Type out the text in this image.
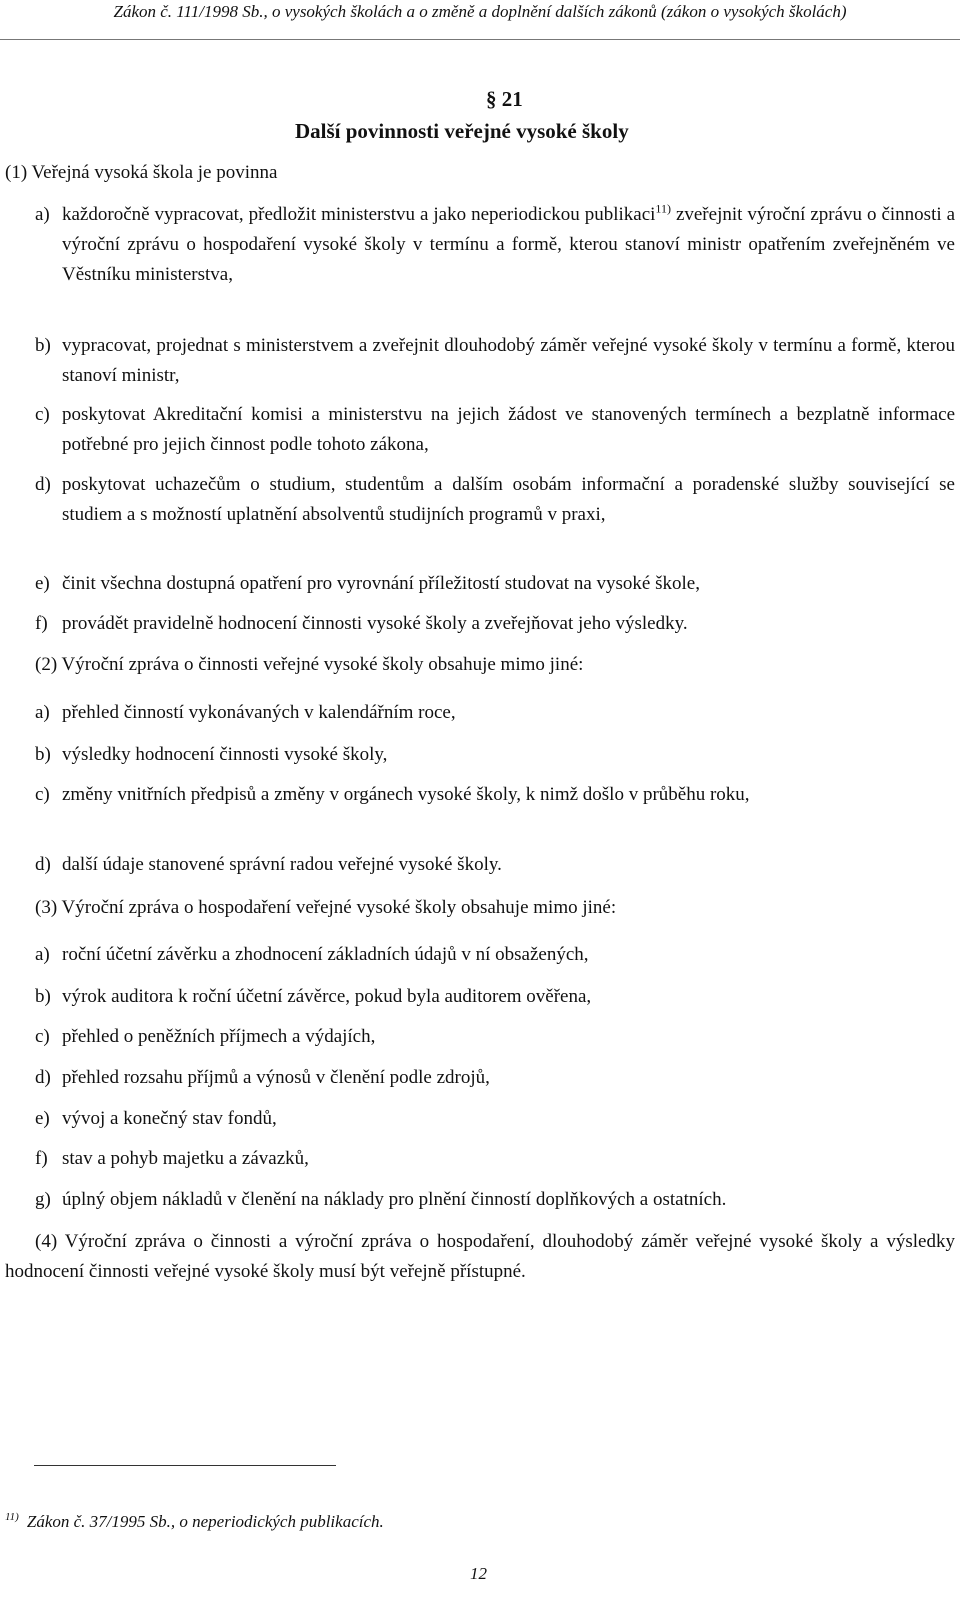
Zákon č. 111/1998 Sb., o vysokých školách a o změně a doplnění dalších zákonů (zákon o vysokých školách)
§ 21
Další povinnosti veřejné vysoké školy
(1) Veřejná vysoká škola je povinna
a) každoročně vypracovat, předložit ministerstvu a jako neperiodickou publikaci$^{11)}$ zveřejnit výroční zprávu o činnosti a výroční zprávu o hospodaření vysoké školy v termínu a formě, kterou stanoví ministr opatřením zveřejněném ve Věstníku ministerstva,
b) vypracovat, projednat s ministerstvem a zveřejnit dlouhodobý záměr veřejné vysoké školy v termínu a formě, kterou stanoví ministr,
c) poskytovat Akreditační komisi a ministerstvu na jejich žádost ve stanovených termínech a bezplatně informace potřebné pro jejich činnost podle tohoto zákona,
d) poskytovat uchazečům o studium, studentům a dalším osobám informační a poradenské služby související se studiem a s možností uplatnění absolventů studijních programů v praxi,
e) činit všechna dostupná opatření pro vyrovnání příležitostí studovat na vysoké škole,
f) provádět pravidelně hodnocení činnosti vysoké školy a zveřejňovat jeho výsledky.
(2) Výroční zpráva o činnosti veřejné vysoké školy obsahuje mimo jiné:
a) přehled činností vykonávaných v kalendářním roce,
b) výsledky hodnocení činnosti vysoké školy,
c) změny vnitřních předpisů a změny v orgánech vysoké školy, k nimž došlo v průběhu roku,
d) další údaje stanovené správní radou veřejné vysoké školy.
(3) Výroční zpráva o hospodaření veřejné vysoké školy obsahuje mimo jiné:
a) roční účetní závěrku a zhodnocení základních údajů v ní obsažených,
b) výrok auditora k roční účetní závěrce, pokud byla auditorem ověřena,
c) přehled o peněžních příjmech a výdajích,
d) přehled rozsahu příjmů a výnosů v členění podle zdrojů,
e) vývoj a konečný stav fondů,
f) stav a pohyb majetku a závazků,
g) úplný objem nákladů v členění na náklady pro plnění činností doplňkových a ostatních.
(4) Výroční zpráva o činnosti a výroční zpráva o hospodaření, dlouhodobý záměr veřejné vysoké školy a výsledky hodnocení činnosti veřejné vysoké školy musí být veřejně přístupné.
$^{11)}$ Zákon č. 37/1995 Sb., o neperiodických publikacích.
12
